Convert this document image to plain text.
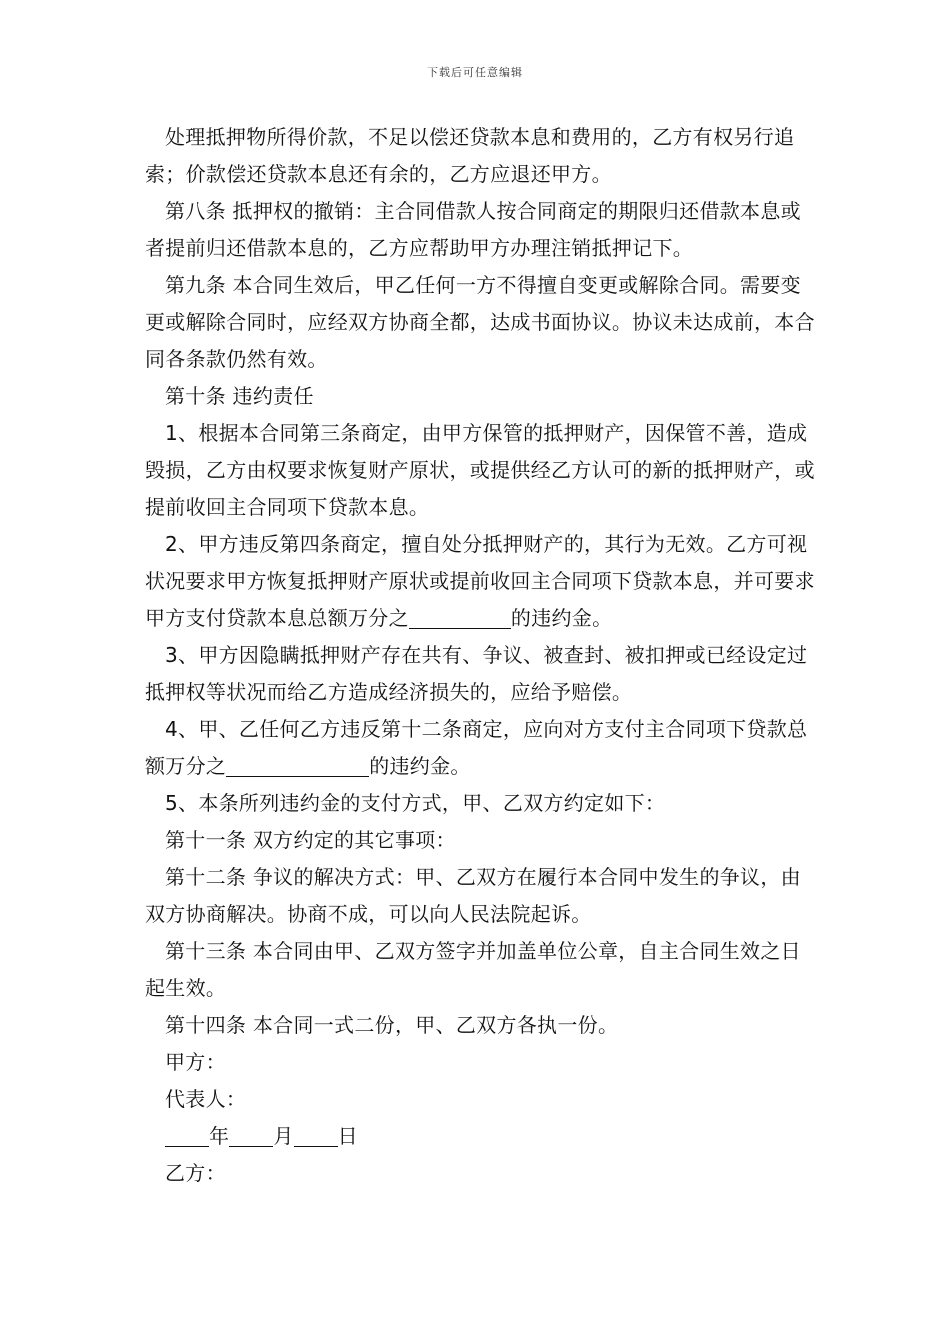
下载后可任意编辑

处理抵押物所得价款，不足以偿还贷款本息和费用的，乙方有权另行追索；价款偿还贷款本息还有余的，乙方应退还甲方。

第八条 抵押权的撤销：主合同借款人按合同商定的期限归还借款本息或者提前归还借款本息的，乙方应帮助甲方办理注销抵押记下。

第九条 本合同生效后，甲乙任何一方不得擅自变更或解除合同。需要变更或解除合同时，应经双方协商全都，达成书面协议。协议未达成前，本合同各条款仍然有效。

第十条 违约责任

1、根据本合同第三条商定，由甲方保管的抵押财产，因保管不善，造成毁损，乙方由权要求恢复财产原状，或提供经乙方认可的新的抵押财产，或提前收回主合同项下贷款本息。

2、甲方违反第四条商定，擅自处分抵押财产的，其行为无效。乙方可视状况要求甲方恢复抵押财产原状或提前收回主合同项下贷款本息，并可要求甲方支付贷款本息总额万分之	的违约金。

3、甲方因隐瞒抵押财产存在共有、争议、被查封、被扣押或已经设定过抵押权等状况而给乙方造成经济损失的，应给予赔偿。

4、甲、乙任何乙方违反第十二条商定，应向对方支付主合同项下贷款总额万分之	的违约金。

5、本条所列违约金的支付方式，甲、乙双方约定如下：

第十一条 双方约定的其它事项：

第十二条 争议的解决方式：甲、乙双方在履行本合同中发生的争议，由双方协商解决。协商不成，可以向人民法院起诉。

第十三条 本合同由甲、乙双方签字并加盖单位公章，自主合同生效之日起生效。

第十四条 本合同一式二份，甲、乙双方各执一份。

甲方：

代表人：

年 月 日

乙方：
